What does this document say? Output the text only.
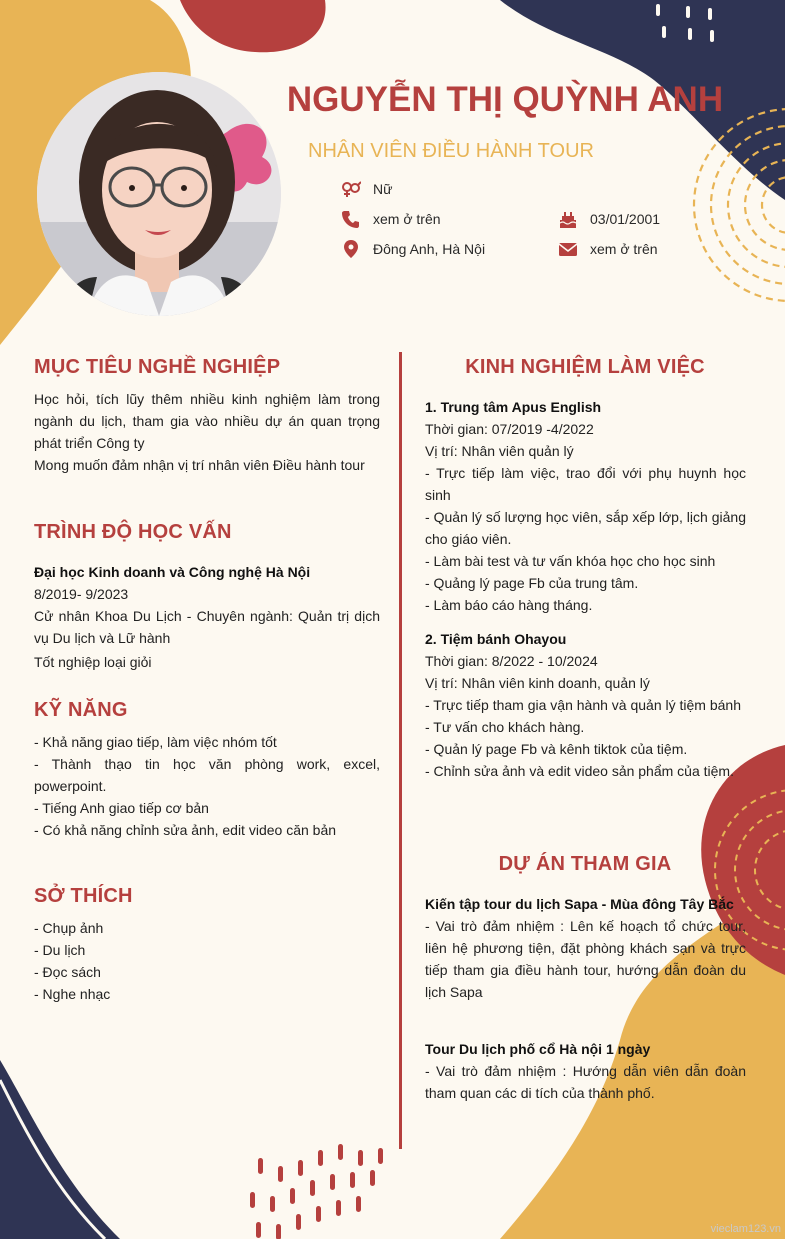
NGUYỄN THỊ QUỲNH ANH
NHÂN VIÊN ĐIỀU HÀNH TOUR
Nữ
xem ở trên
Đông Anh, Hà Nội
03/01/2001
xem ở trên
MỤC TIÊU NGHỀ NGHIỆP
Học hỏi, tích lũy thêm nhiều kinh nghiệm làm trong ngành du lịch, tham gia vào nhiều dự án quan trọng phát triển Công ty
Mong muốn đảm nhận vị trí nhân viên Điều hành tour
TRÌNH ĐỘ HỌC VẤN
Đại học Kinh doanh và Công nghệ Hà Nội
8/2019- 9/2023
Cử nhân Khoa Du Lịch - Chuyên ngành: Quản trị dịch vụ Du lịch và Lữ hành
Tốt nghiệp loại giỏi
KỸ NĂNG
- Khả năng giao tiếp, làm việc nhóm tốt
- Thành thạo tin học văn phòng work, excel, powerpoint.
- Tiếng Anh giao tiếp cơ bản
- Có khả năng chỉnh sửa ảnh, edit video căn bản
SỞ THÍCH
- Chụp ảnh
- Du lịch
- Đọc sách
- Nghe nhạc
KINH NGHIỆM LÀM VIỆC
1. Trung tâm Apus English
Thời gian: 07/2019 -4/2022
Vị trí: Nhân viên quản lý
- Trực tiếp làm việc, trao đổi với phụ huynh học sinh
- Quản lý số lượng học viên, sắp xếp lớp, lịch giảng cho giáo viên.
- Làm bài test và tư vấn khóa học cho học sinh
- Quảng lý page Fb của trung tâm.
- Làm báo cáo hàng tháng.
2. Tiệm bánh Ohayou
Thời gian: 8/2022 - 10/2024
Vị trí: Nhân viên kinh doanh, quản lý
- Trực tiếp tham gia vận hành và quản lý tiệm bánh
- Tư vấn cho khách hàng.
- Quản lý page Fb và kênh tiktok của tiệm.
- Chỉnh sửa ảnh và edit video sản phẩm của tiệm.
DỰ ÁN THAM GIA
Kiến tập tour du lịch Sapa - Mùa đông Tây Bắc
- Vai trò đảm nhiệm : Lên kế hoạch tổ chức tour, liên hệ phương tiện, đặt phòng khách sạn và trực tiếp tham gia điều hành tour, hướng dẫn đoàn du lịch Sapa
Tour Du lịch phố cổ Hà nội 1 ngày
- Vai trò đảm nhiệm : Hướng dẫn viên dẫn đoàn tham quan các di tích của thành phố.
vieclam123.vn
